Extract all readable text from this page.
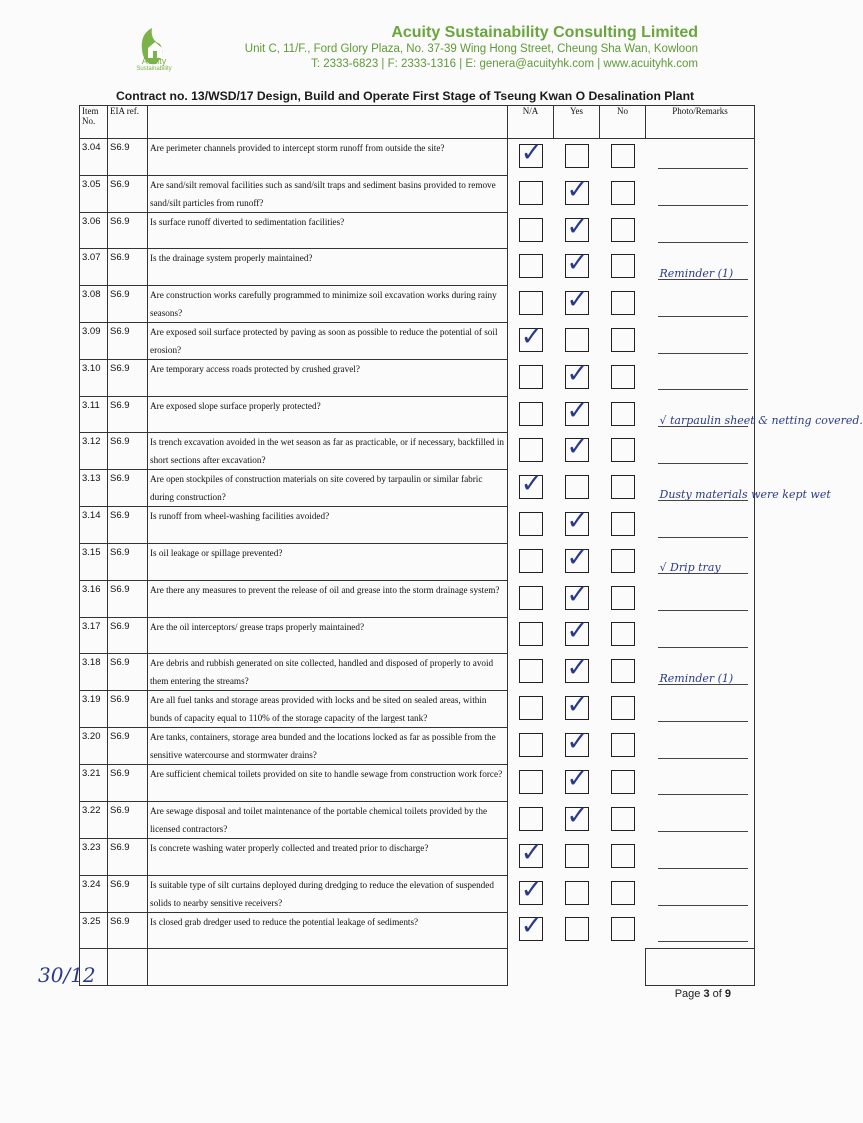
Acuity
Sustainability
Acuity Sustainability Consulting Limited
Unit C, 11/F., Ford Glory Plaza, No. 37-39 Wing Hong Street, Cheung Sha Wan, Kowloon
T: 2333-6823 | F: 2333-1316 | E: genera@acuityhk.com | www.acuityhk.com
Contract no. 13/WSD/17 Design, Build and Operate First Stage of Tseung Kwan O Desalination Plant
Item No.	EIA ref.		N/A	Yes	No	Photo/Remarks
3.04	S6.9	Are perimeter channels provided to intercept storm runoff from outside the site?	✓			

3.05	S6.9	Are sand/silt removal facilities such as sand/silt traps and sediment basins provided to remove sand/silt particles from runoff?		✓		

3.06	S6.9	Is surface runoff diverted to sedimentation facilities?		✓		

3.07	S6.9	Is the drainage system properly maintained?		✓		Reminder (1)

3.08	S6.9	Are construction works carefully programmed to minimize soil excavation works during rainy seasons?		✓		

3.09	S6.9	Are exposed soil surface protected by paving as soon as possible to reduce the potential of soil erosion?	✓			

3.10	S6.9	Are temporary access roads protected by crushed gravel?		✓		

3.11	S6.9	Are exposed slope surface properly protected?		✓		√ tarpaulin sheet & netting covered.

3.12	S6.9	Is trench excavation avoided in the wet season as far as practicable, or if necessary, backfilled in short sections after excavation?		✓		

3.13	S6.9	Are open stockpiles of construction materials on site covered by tarpaulin or similar fabric during construction?	✓			Dusty materials were kept wet

3.14	S6.9	Is runoff from wheel-washing facilities avoided?		✓		

3.15	S6.9	Is oil leakage or spillage prevented?		✓		√ Drip tray

3.16	S6.9	Are there any measures to prevent the release of oil and grease into the storm drainage system?		✓		

3.17	S6.9	Are the oil interceptors/ grease traps properly maintained?		✓		

3.18	S6.9	Are debris and rubbish generated on site collected, handled and disposed of properly to avoid them entering the streams?		✓		Reminder (1)

3.19	S6.9	Are all fuel tanks and storage areas provided with locks and be sited on sealed areas, within bunds of capacity equal to 110% of the storage capacity of the largest tank?		✓		

3.20	S6.9	Are tanks, containers, storage area bunded and the locations locked as far as possible from the sensitive watercourse and stormwater drains?		✓		

3.21	S6.9	Are sufficient chemical toilets provided on site to handle sewage from construction work force?		✓		

3.22	S6.9	Are sewage disposal and toilet maintenance of the portable chemical toilets provided by the licensed contractors?		✓		

3.23	S6.9	Is concrete washing water properly collected and treated prior to discharge?	✓			

3.24	S6.9	Is suitable type of silt curtains deployed during dredging to reduce the elevation of suspended solids to nearby sensitive receivers?	✓			

3.25	S6.9	Is closed grab dredger used to reduce the potential leakage of sediments?	✓			

30/12
Page 3 of 9
